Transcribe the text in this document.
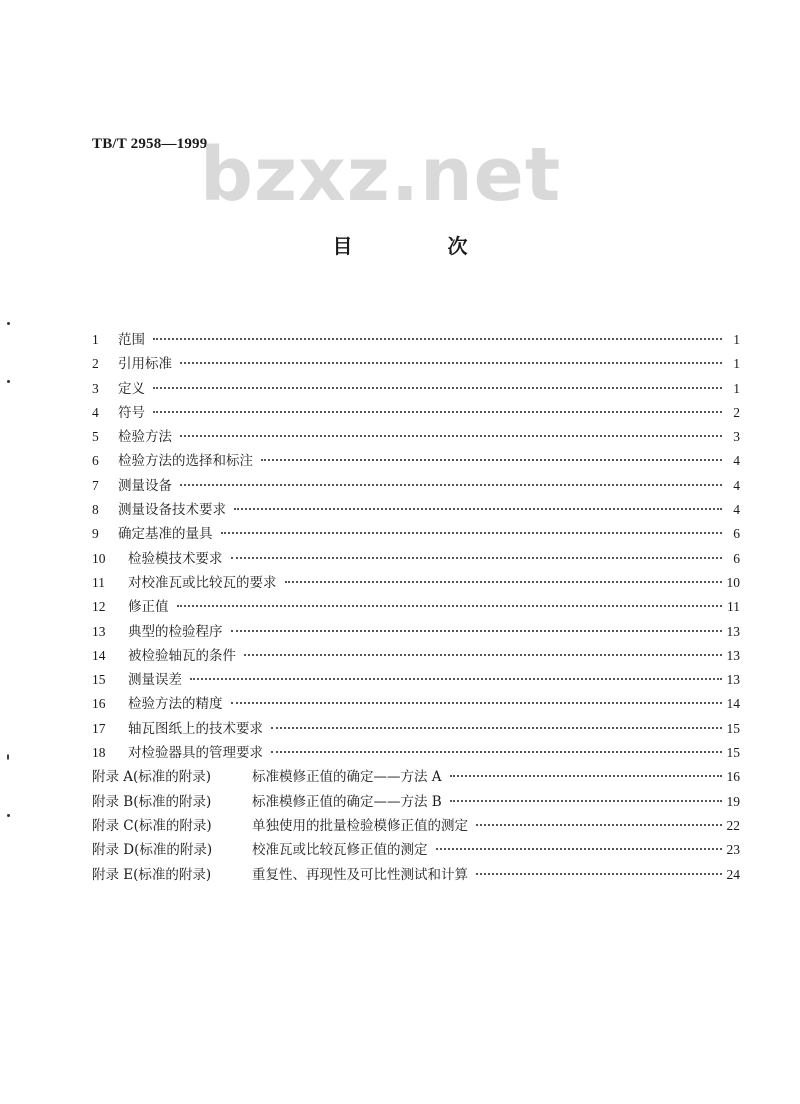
TB/T 2958—1999
bzxz.net
目 次
1	范围	1
2	引用标准	1
3	定义	1
4	符号	2
5	检验方法	3
6	检验方法的选择和标注	4
7	测量设备	4
8	测量设备技术要求	4
9	确定基准的量具	6
10	检验模技术要求	6
11	对校准瓦或比较瓦的要求	10
12	修正值	11
13	典型的检验程序	13
14	被检验轴瓦的条件	13
15	测量误差	13
16	检验方法的精度	14
17	轴瓦图纸上的技术要求	15
18	对检验器具的管理要求	15
附录 A(标准的附录)	标准模修正值的确定——方法 A	16
附录 B(标准的附录)	标准模修正值的确定——方法 B	19
附录 C(标准的附录)	单独使用的批量检验模修正值的测定	22
附录 D(标准的附录)	校准瓦或比较瓦修正值的测定	23
附录 E(标准的附录)	重复性、再现性及可比性测试和计算	24
